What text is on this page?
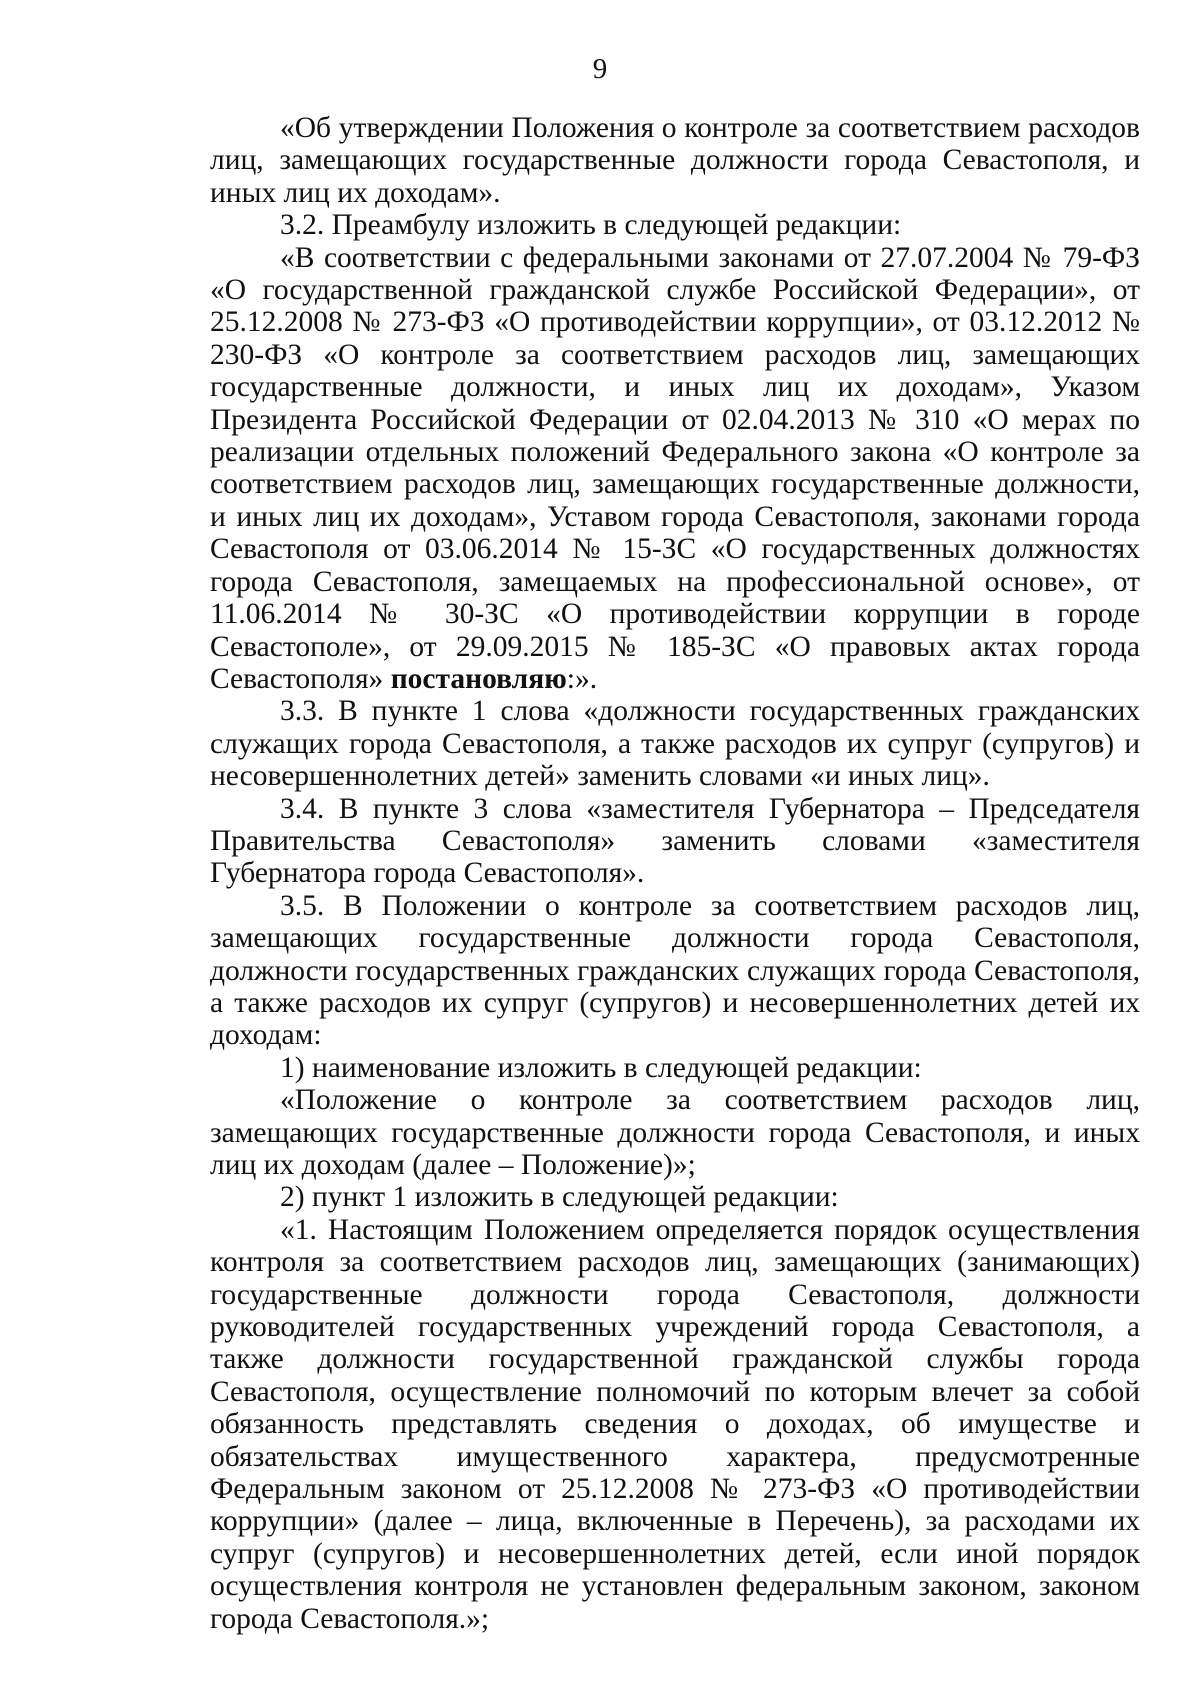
9

«Об утверждении Положения о контроле за соответствием расходов лиц, замещающих государственные должности города Севастополя, и иных лиц их доходам».

3.2. Преамбулу изложить в следующей редакции:

«В соответствии с федеральными законами от 27.07.2004 № 79-ФЗ «О государственной гражданской службе Российской Федерации», от 25.12.2008 № 273-ФЗ «О противодействии коррупции», от 03.12.2012 № 230-ФЗ «О контроле за соответствием расходов лиц, замещающих государственные должности, и иных лиц их доходам», Указом Президента Российской Федерации от 02.04.2013 № 310 «О мерах по реализации отдельных положений Федерального закона «О контроле за соответствием расходов лиц, замещающих государственные должности, и иных лиц их доходам», Уставом города Севастополя, законами города Севастополя от 03.06.2014 № 15-ЗС «О государственных должностях города Севастополя, замещаемых на профессиональной основе», от 11.06.2014 № 30-ЗС «О противодействии коррупции в городе Севастополе», от 29.09.2015 № 185-ЗС «О правовых актах города Севастополя» постановляю:».

3.3. В пункте 1 слова «должности государственных гражданских служащих города Севастополя, а также расходов их супруг (супругов) и несовершеннолетних детей» заменить словами «и иных лиц».

3.4. В пункте 3 слова «заместителя Губернатора – Председателя Правительства Севастополя» заменить словами «заместителя Губернатора города Севастополя».

3.5. В Положении о контроле за соответствием расходов лиц, замещающих государственные должности города Севастополя, должности государственных гражданских служащих города Севастополя, а также расходов их супруг (супругов) и несовершеннолетних детей их доходам:

1) наименование изложить в следующей редакции:

«Положение о контроле за соответствием расходов лиц, замещающих государственные должности города Севастополя, и иных лиц их доходам (далее – Положение)»;

2) пункт 1 изложить в следующей редакции:

«1. Настоящим Положением определяется порядок осуществления контроля за соответствием расходов лиц, замещающих (занимающих) государственные должности города Севастополя, должности руководителей государственных учреждений города Севастополя, а также должности государственной гражданской службы города Севастополя, осуществление полномочий по которым влечет за собой обязанность представлять сведения о доходах, об имуществе и обязательствах имущественного характера, предусмотренные Федеральным законом от 25.12.2008 № 273-ФЗ «О противодействии коррупции» (далее – лица, включенные в Перечень), за расходами их супруг (супругов) и несовершеннолетних детей, если иной порядок осуществления контроля не установлен федеральным законом, законом города Севастополя.»;
